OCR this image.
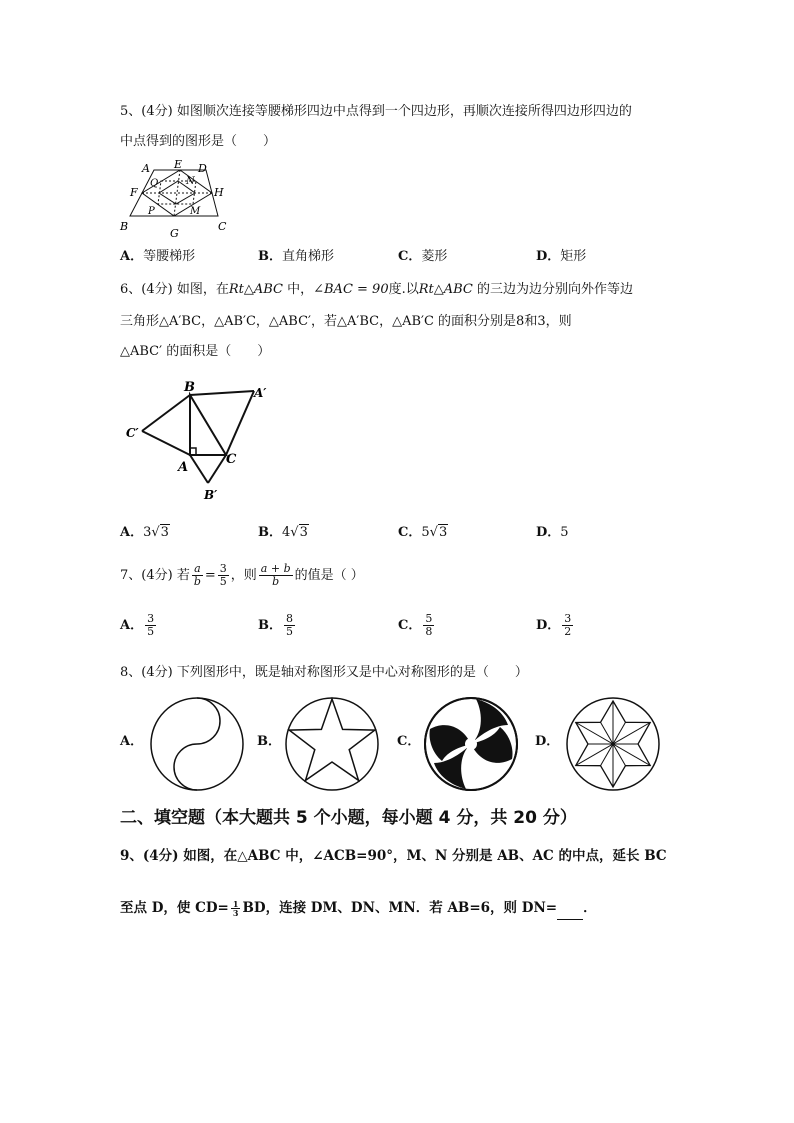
5、(4分) 如图顺次连接等腰梯形四边中点得到一个四边形，再顺次连接所得四边形四边的
中点得到的图形是（　　）
A E D
F	H
B
G
C
Q	N
P	M
A．等腰梯形	B．直角梯形	C．菱形	D．矩形
6、(4分) 如图，在Rt△ABC 中，∠BAC = 90度.以Rt△ABC 的三边为边分别向外作等边
三角形△A′BC，△AB′C，△ABC′，若△A′BC，△AB′C 的面积分别是8和3，则
△ABC′ 的面积是（　　）
B	A′
C′
A
C
B′
A．3√3	B．4√3	C．5√3	D．5
7、(4分) 若 $\frac{a}{b} = \frac{3}{5}$ ，则 $\frac{a + b}{b}$ 的值是（ ）
A． $\frac{3}{5}$	B． $\frac{8}{5}$	C． $\frac{5}{8}$	D． $\frac{3}{2}$
8、(4分) 下列图形中，既是轴对称图形又是中心对称图形的是（　　）
A．	B．	C．	D．
二、填空题（本大题共 5 个小题，每小题 4 分，共 20 分）
9、(4分) 如图，在△ABC 中，∠ACB=90°，M、N 分别是 AB、AC 的中点，延长 BC
至点 D，使 $CD= \frac{1}{3}$ BD，连接 DM、DN、MN．若 AB=6，则 DN= ．
